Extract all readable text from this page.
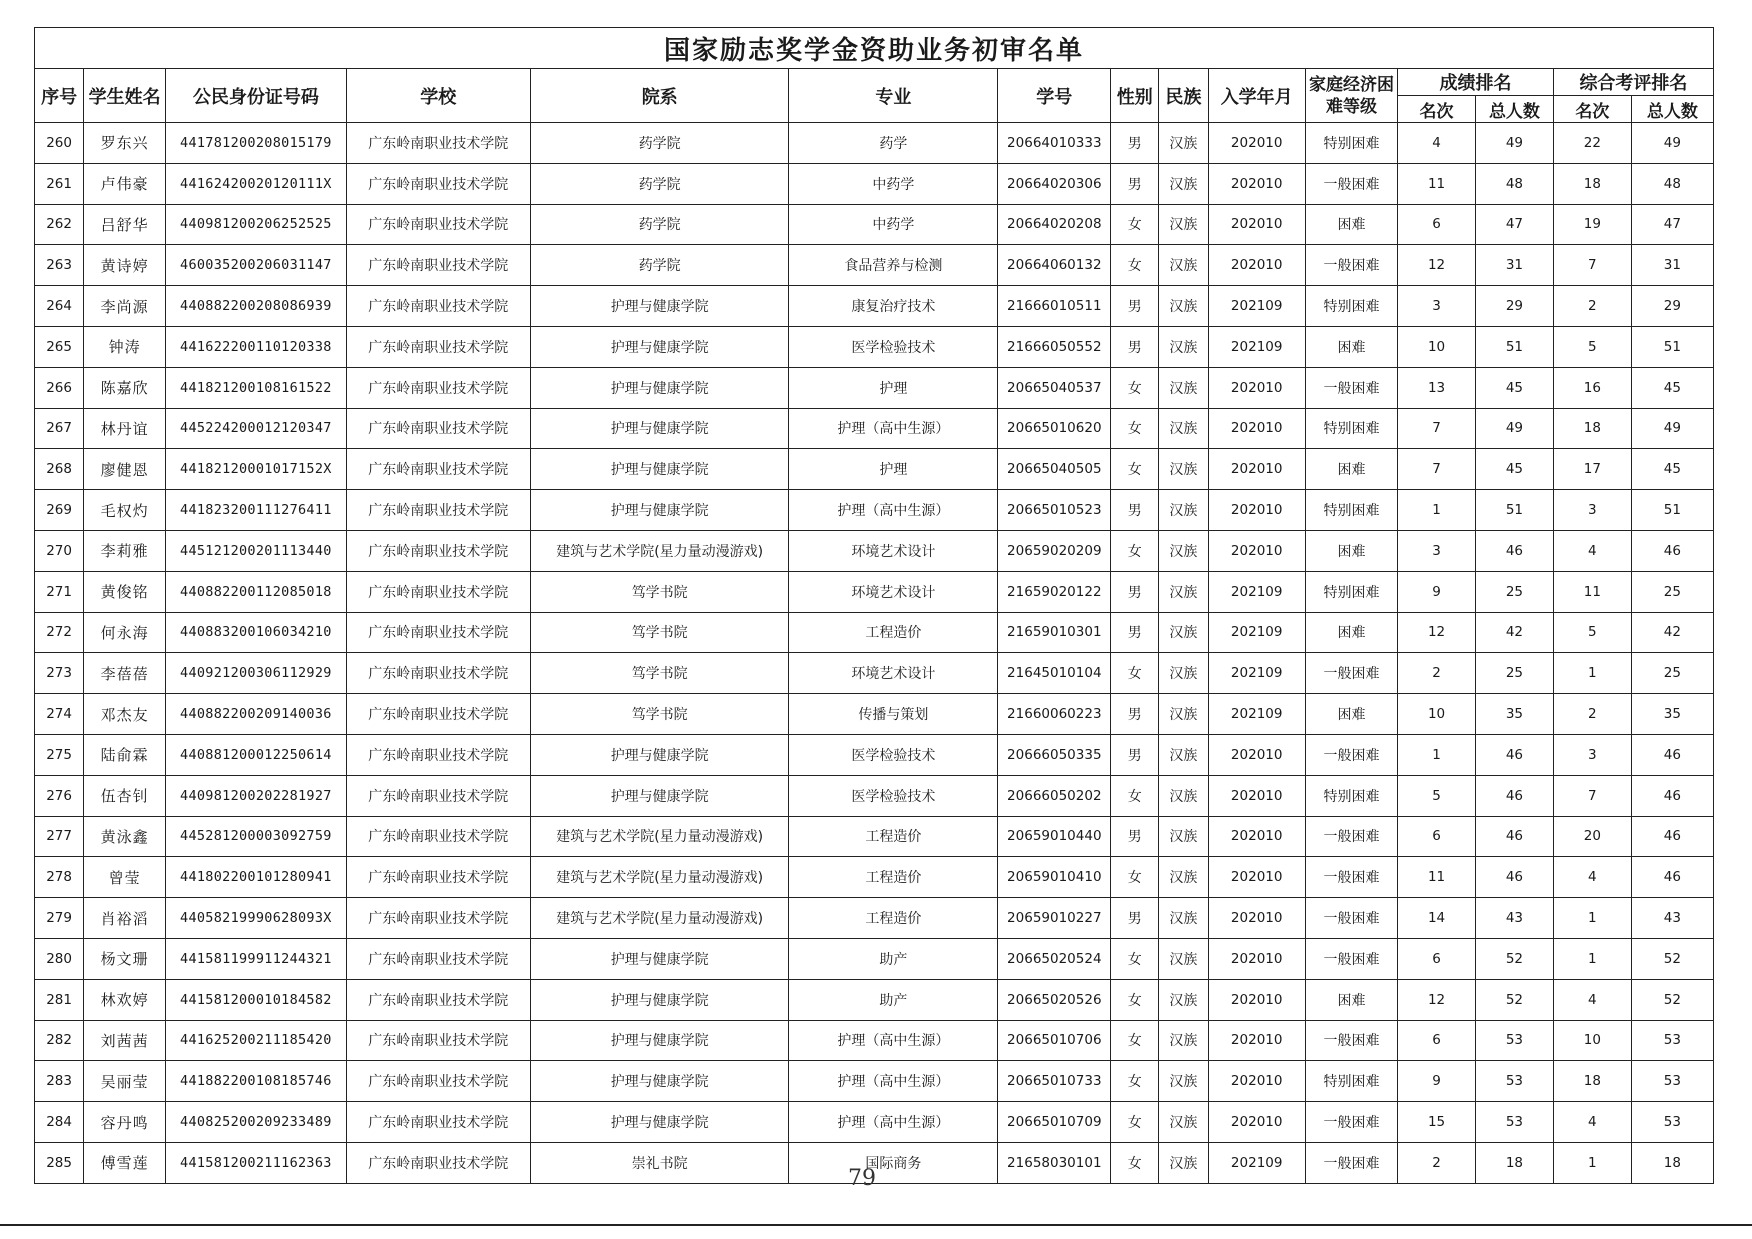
国家励志奖学金资助业务初审名单														
序号	学生姓名	公民身份证号码	学校	院系	专业	学号	性别	民族	入学年月	家庭经济困难等级	成绩排名		综合考评排名	
											名次	总人数	名次	总人数
260	罗东兴	441781200208015179	广东岭南职业技术学院	药学院	药学	20664010333	男	汉族	202010	特别困难	4	49	22	49
261	卢伟豪	44162420020120111X	广东岭南职业技术学院	药学院	中药学	20664020306	男	汉族	202010	一般困难	11	48	18	48
262	吕舒华	440981200206252525	广东岭南职业技术学院	药学院	中药学	20664020208	女	汉族	202010	困难	6	47	19	47
263	黄诗婷	460035200206031147	广东岭南职业技术学院	药学院	食品营养与检测	20664060132	女	汉族	202010	一般困难	12	31	7	31
264	李尚源	440882200208086939	广东岭南职业技术学院	护理与健康学院	康复治疗技术	21666010511	男	汉族	202109	特别困难	3	29	2	29
265	钟涛	441622200110120338	广东岭南职业技术学院	护理与健康学院	医学检验技术	21666050552	男	汉族	202109	困难	10	51	5	51
266	陈嘉欣	441821200108161522	广东岭南职业技术学院	护理与健康学院	护理	20665040537	女	汉族	202010	一般困难	13	45	16	45
267	林丹谊	445224200012120347	广东岭南职业技术学院	护理与健康学院	护理（高中生源）	20665010620	女	汉族	202010	特别困难	7	49	18	49
268	廖健恩	44182120001017152X	广东岭南职业技术学院	护理与健康学院	护理	20665040505	女	汉族	202010	困难	7	45	17	45
269	毛权灼	441823200111276411	广东岭南职业技术学院	护理与健康学院	护理（高中生源）	20665010523	男	汉族	202010	特别困难	1	51	3	51
270	李莉雅	445121200201113440	广东岭南职业技术学院	建筑与艺术学院(星力量动漫游戏)	环境艺术设计	20659020209	女	汉族	202010	困难	3	46	4	46
271	黄俊铭	440882200112085018	广东岭南职业技术学院	笃学书院	环境艺术设计	21659020122	男	汉族	202109	特别困难	9	25	11	25
272	何永海	440883200106034210	广东岭南职业技术学院	笃学书院	工程造价	21659010301	男	汉族	202109	困难	12	42	5	42
273	李蓓蓓	440921200306112929	广东岭南职业技术学院	笃学书院	环境艺术设计	21645010104	女	汉族	202109	一般困难	2	25	1	25
274	邓杰友	440882200209140036	广东岭南职业技术学院	笃学书院	传播与策划	21660060223	男	汉族	202109	困难	10	35	2	35
275	陆俞霖	440881200012250614	广东岭南职业技术学院	护理与健康学院	医学检验技术	20666050335	男	汉族	202010	一般困难	1	46	3	46
276	伍杏钊	440981200202281927	广东岭南职业技术学院	护理与健康学院	医学检验技术	20666050202	女	汉族	202010	特别困难	5	46	7	46
277	黄泳鑫	445281200003092759	广东岭南职业技术学院	建筑与艺术学院(星力量动漫游戏)	工程造价	20659010440	男	汉族	202010	一般困难	6	46	20	46
278	曾莹	441802200101280941	广东岭南职业技术学院	建筑与艺术学院(星力量动漫游戏)	工程造价	20659010410	女	汉族	202010	一般困难	11	46	4	46
279	肖裕滔	44058219990628093X	广东岭南职业技术学院	建筑与艺术学院(星力量动漫游戏)	工程造价	20659010227	男	汉族	202010	一般困难	14	43	1	43
280	杨文珊	441581199911244321	广东岭南职业技术学院	护理与健康学院	助产	20665020524	女	汉族	202010	一般困难	6	52	1	52
281	林欢婷	441581200010184582	广东岭南职业技术学院	护理与健康学院	助产	20665020526	女	汉族	202010	困难	12	52	4	52
282	刘茜茜	441625200211185420	广东岭南职业技术学院	护理与健康学院	护理（高中生源）	20665010706	女	汉族	202010	一般困难	6	53	10	53
283	吴丽莹	441882200108185746	广东岭南职业技术学院	护理与健康学院	护理（高中生源）	20665010733	女	汉族	202010	特别困难	9	53	18	53
284	容丹鸣	440825200209233489	广东岭南职业技术学院	护理与健康学院	护理（高中生源）	20665010709	女	汉族	202010	一般困难	15	53	4	53
285	傅雪莲	441581200211162363	广东岭南职业技术学院	崇礼书院	国际商务	21658030101	女	汉族	202109	一般困难	2	18	1	18
79
